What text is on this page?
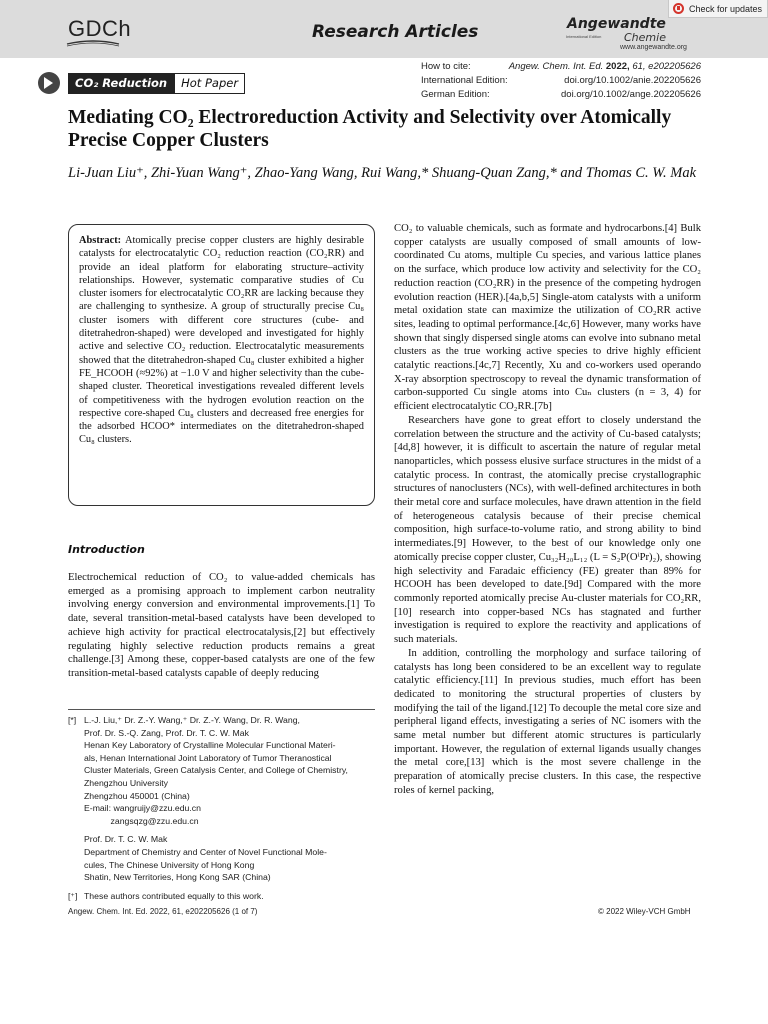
GDCh	Research Articles	Angewandte
International Edition Chemie
www.angewandte.org
Check for updates
How to cite:	Angew. Chem. Int. Ed. 2022, 61, e202205626
International Edition:	doi.org/10.1002/anie.202205626
German Edition:	doi.org/10.1002/ange.202205626
CO₂ Reduction	Hot Paper
Mediating CO₂ Electroreduction Activity and Selectivity over Atomically Precise Copper Clusters
Li-Juan Liu⁺, Zhi-Yuan Wang⁺, Zhao-Yang Wang, Rui Wang,* Shuang-Quan Zang,* and Thomas C. W. Mak
Abstract: Atomically precise copper clusters are highly desirable catalysts for electrocatalytic CO₂ reduction reaction (CO₂RR) and provide an ideal platform for elaborating structure–activity relationships. However, systematic comparative studies of Cu cluster isomers for electrocatalytic CO₂RR are lacking because they are challenging to synthesize. A group of structurally precise Cu₈ cluster isomers with different core structures (cube- and ditetrahedron-shaped) were developed and investigated for highly active and selective CO₂ reduction. Electrocatalytic measurements showed that the ditetrahedron-shaped Cu₈ cluster exhibited a higher FE_HCOOH (≈92%) at −1.0 V and higher selectivity than the cube-shaped cluster. Theoretical investigations revealed different levels of competitiveness with the hydrogen evolution reaction on the respective core-shaped Cu₈ clusters and decreased free energies for the adsorbed HCOO* intermediates on the ditetrahedron-shaped Cu₈ clusters.
Introduction

Electrochemical reduction of CO₂ to value-added chemicals has emerged as a promising approach to implement carbon neutrality involving energy conversion and environmental improvements.[1] To date, several transition-metal-based catalysts have been developed to achieve high activity for practical electrocatalysis,[2] but effectively regulating highly selective reduction products remains a great challenge.[3] Among these, copper-based catalysts are one of the few transition-metal-based catalysts capable of deeply reducing

CO₂ to valuable chemicals, such as formate and hydrocarbons.[4] Bulk copper catalysts are usually composed of small amounts of low-coordinated Cu atoms, multiple Cu species, and various lattice planes on the surface, which produce low activity and selectivity for the CO₂ reduction reaction (CO₂RR) in the presence of the competing hydrogen evolution reaction (HER).[4a,b,5] Single-atom catalysts with a uniform metal oxidation state can maximize the utilization of CO₂RR active sites, leading to optimal performance.[4c,6] However, many works have shown that singly dispersed single atoms can evolve into subnano metal clusters as the true working active species to drive highly efficient catalytic reactions.[4c,7] Recently, Xu and co-workers used operando X-ray absorption spectroscopy to reveal the dynamic transformation of carbon-supported Cu single atoms into Cuₙ clusters (n = 3, 4) for efficient electrocatalytic CO₂RR.[7b]

Researchers have gone to great effort to closely understand the correlation between the structure and the activity of Cu-based catalysts;[4d,8] however, it is difficult to ascertain the nature of regular metal nanoparticles, which possess elusive surface structures in the midst of a catalytic process. In contrast, the atomically precise crystallographic structures of nanoclusters (NCs), with well-defined architectures in both their metal core and surface molecules, have drawn attention in the field of heterogeneous catalysis because of their precise chemical composition, high surface-to-volume ratio, and strong ability to bind intermediates.[9] However, to the best of our knowledge only one atomically precise copper cluster, Cu₃₂H₂₀L₁₂ (L = S₂P(OⁱPr)₂), showing high selectivity and Faradaic efficiency (FE) greater than 89% for HCOOH has been developed to date.[9d] Compared with the more commonly reported atomically precise Au-cluster materials for CO₂RR,[10] research into copper-based NCs has stagnated and further investigation is required to explore the reactivity and applications of such materials.

In addition, controlling the morphology and surface tailoring of catalysts has long been considered to be an excellent way to regulate catalytic efficiency.[11] In previous studies, much effort has been dedicated to monitoring the structural properties of clusters by modifying the tail of the ligand.[12] To decouple the metal core size and peripheral ligand effects, investigating a series of NC isomers with the same metal number but different atomic structures is particularly important. However, the regulation of external ligands usually changes the metal core,[13] which is the most severe challenge in the preparation of atomically precise clusters. In this case, the respective roles of kernel packing,

[*] L.-J. Liu,⁺ Dr. Z.-Y. Wang,⁺ Dr. Z.-Y. Wang, Dr. R. Wang,
Prof. Dr. S.-Q. Zang, Prof. Dr. T. C. W. Mak
Henan Key Laboratory of Crystalline Molecular Functional Materi-
als, Henan International Joint Laboratory of Tumor Theranostical
Cluster Materials, Green Catalysis Center, and College of Chemistry,
Zhengzhou University
Zhengzhou 450001 (China)
E-mail: wangruijy@zzu.edu.cn
zangsqzg@zzu.edu.cn
Prof. Dr. T. C. W. Mak
Department of Chemistry and Center of Novel Functional Mole-
cules, The Chinese University of Hong Kong
Shatin, New Territories, Hong Kong SAR (China)
[⁺] These authors contributed equally to this work.
Angew. Chem. Int. Ed. 2022, 61, e202205626 (1 of 7)	© 2022 Wiley-VCH GmbH
